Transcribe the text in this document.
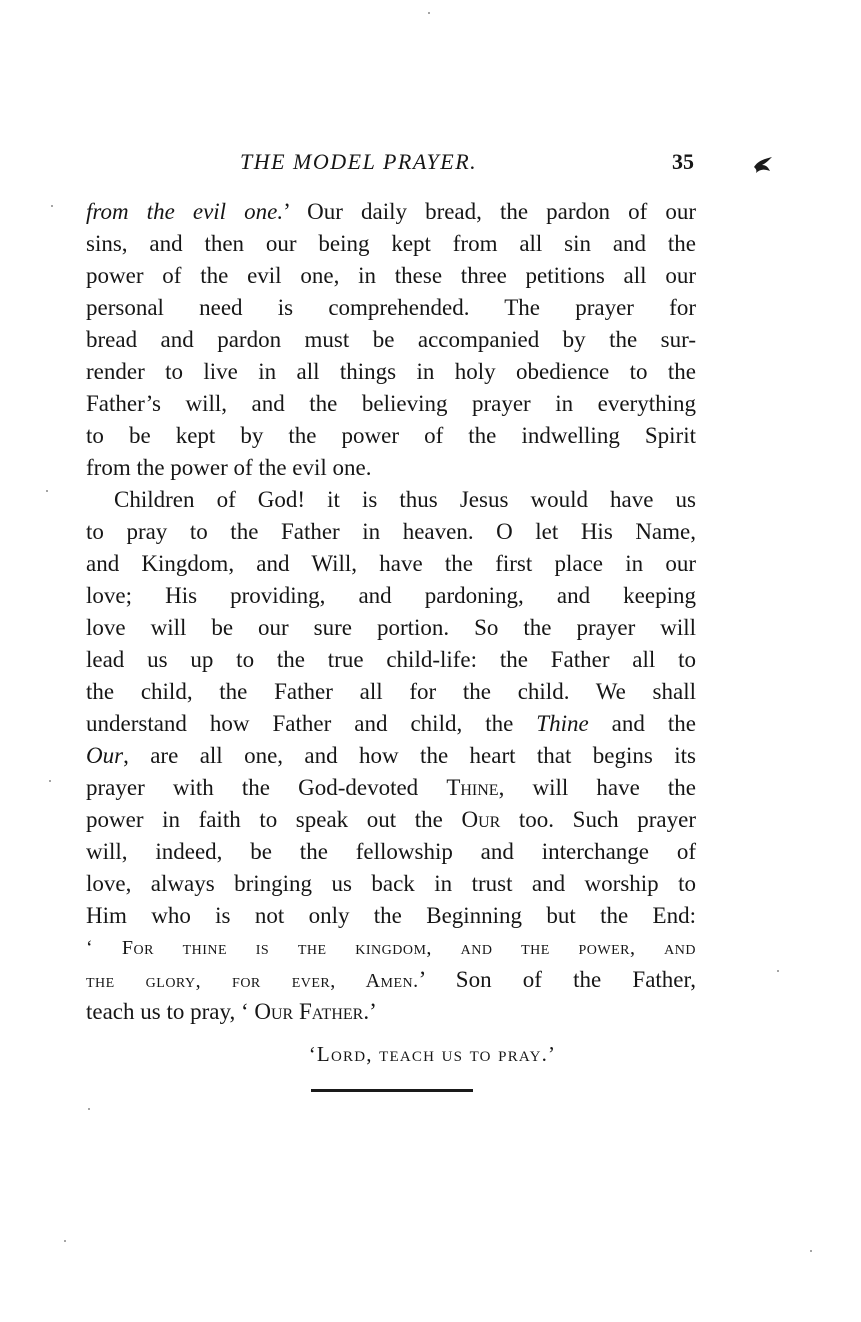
THE MODEL PRAYER.	35
from the evil one.’ Our daily bread, the pardon of our
sins, and then our being kept from all sin and the
power of the evil one, in these three petitions all our
personal need is comprehended. The prayer for
bread and pardon must be accompanied by the sur-
render to live in all things in holy obedience to the
Father’s will, and the believing prayer in everything
to be kept by the power of the indwelling Spirit
from the power of the evil one.
Children of God! it is thus Jesus would have us
to pray to the Father in heaven. O let His Name,
and Kingdom, and Will, have the first place in our
love; His providing, and pardoning, and keeping
love will be our sure portion. So the prayer will
lead us up to the true child-life: the Father all to
the child, the Father all for the child. We shall
understand how Father and child, the Thine and the
Our, are all one, and how the heart that begins its
prayer with the God-devoted Thine, will have the
power in faith to speak out the Our too. Such prayer
will, indeed, be the fellowship and interchange of
love, always bringing us back in trust and worship to
Him who is not only the Beginning but the End:
‘ For thine is the kingdom, and the power, and
the glory, for ever, Amen.’ Son of the Father,
teach us to pray, ‘ Our Father.’
‘Lord, teach us to pray.’
